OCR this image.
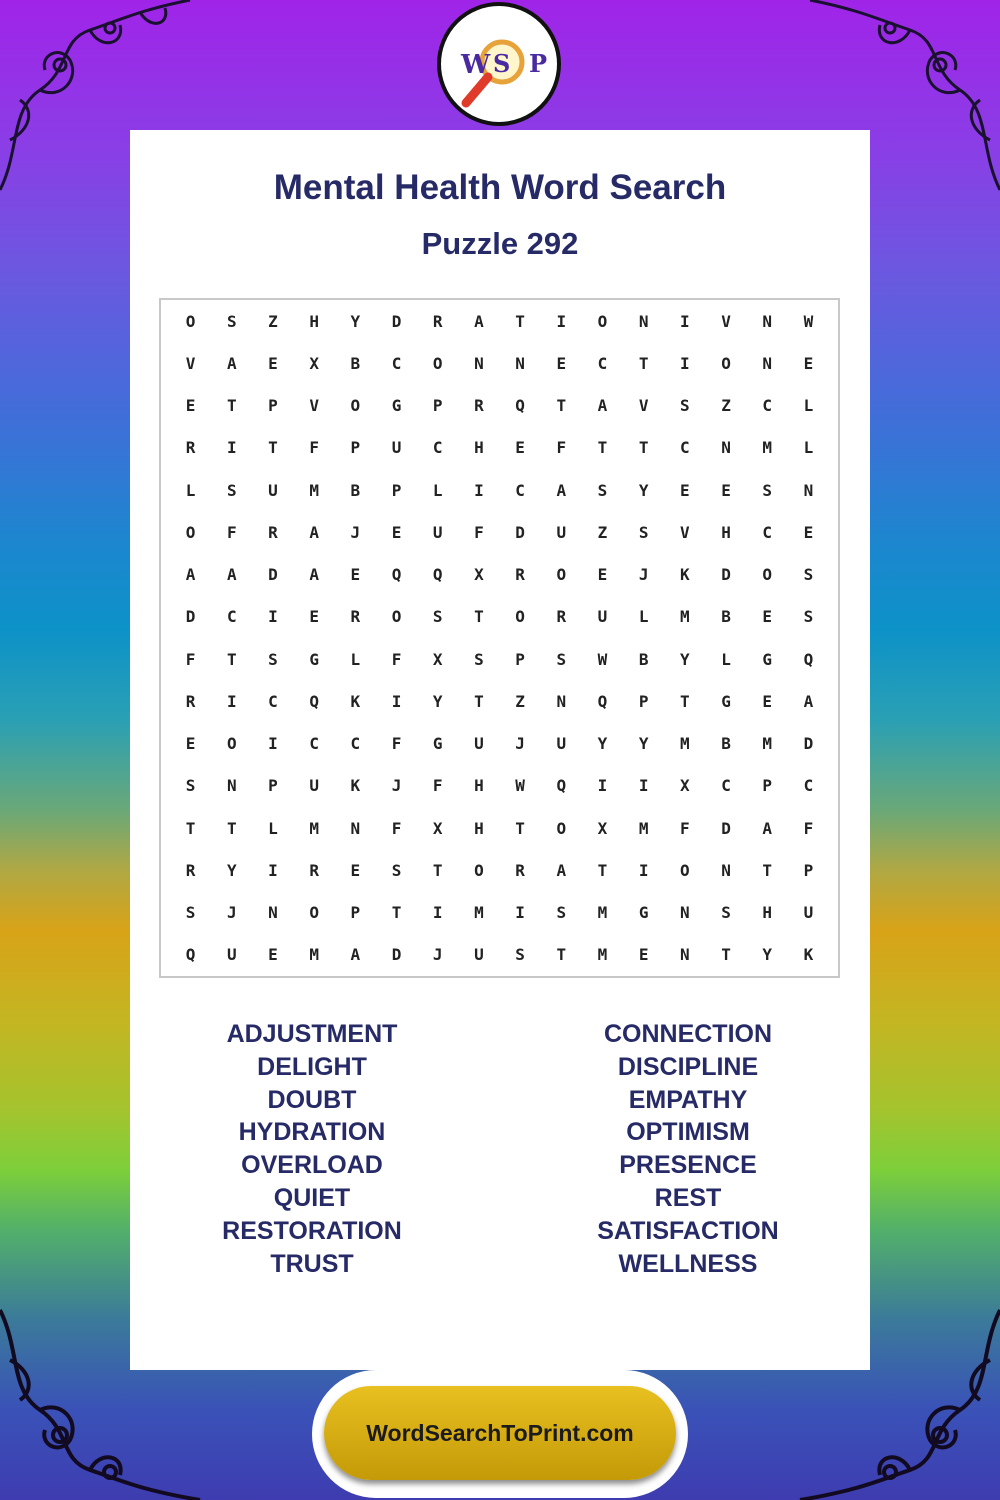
Mental Health Word Search
Puzzle 292
O	S	Z	H	Y	D	R	A	T	I	O	N	I	V	N	W
V	A	E	X	B	C	O	N	N	E	C	T	I	O	N	E
E	T	P	V	O	G	P	R	Q	T	A	V	S	Z	C	L
R	I	T	F	P	U	C	H	E	F	T	T	C	N	M	L
L	S	U	M	B	P	L	I	C	A	S	Y	E	E	S	N
O	F	R	A	J	E	U	F	D	U	Z	S	V	H	C	E
A	A	D	A	E	Q	Q	X	R	O	E	J	K	D	O	S
D	C	I	E	R	O	S	T	O	R	U	L	M	B	E	S
F	T	S	G	L	F	X	S	P	S	W	B	Y	L	G	Q
R	I	C	Q	K	I	Y	T	Z	N	Q	P	T	G	E	A
E	O	I	C	C	F	G	U	J	U	Y	Y	M	B	M	D
S	N	P	U	K	J	F	H	W	Q	I	I	X	C	P	C
T	T	L	M	N	F	X	H	T	O	X	M	F	D	A	F
R	Y	I	R	E	S	T	O	R	A	T	I	O	N	T	P
S	J	N	O	P	T	I	M	I	S	M	G	N	S	H	U
Q	U	E	M	A	D	J	U	S	T	M	E	N	T	Y	K
ADJUSTMENT
DELIGHT
DOUBT
HYDRATION
OVERLOAD
QUIET
RESTORATION
TRUST
CONNECTION
DISCIPLINE
EMPATHY
OPTIMISM
PRESENCE
REST
SATISFACTION
WELLNESS
W S P
WordSearchToPrint.com
